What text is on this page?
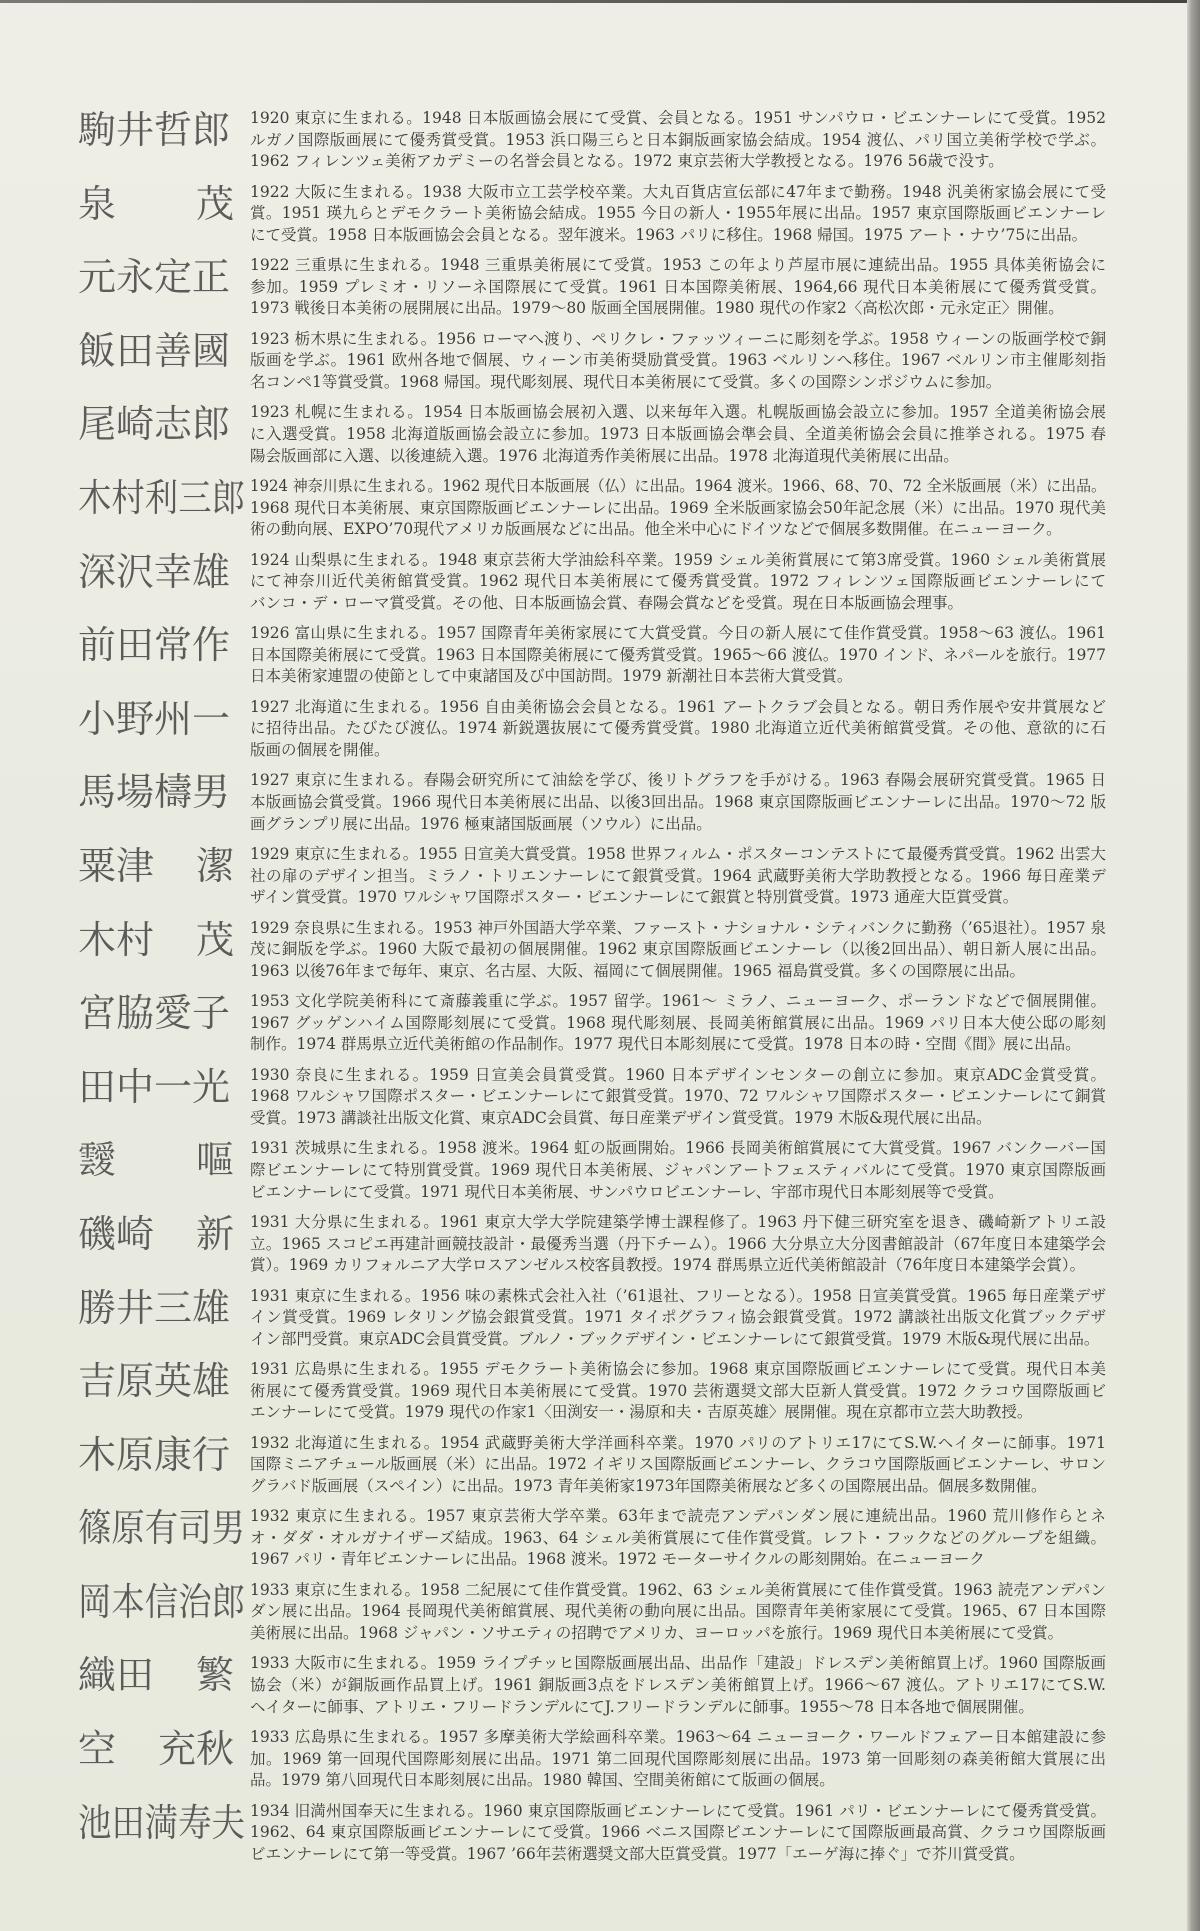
駒井哲郎 1920 東京に生まれる。1948 日本版画協会展にて受賞、会員となる。1951 サンパウロ・ビエンナーレにて受賞。1952
ルガノ国際版画展にて優秀賞受賞。1953 浜口陽三らと日本銅版画家協会結成。1954 渡仏、パリ国立美術学校で学ぶ。
1962 フィレンツェ美術アカデミーの名誉会員となる。1972 東京芸術大学教授となる。1976 56歳で没す。
泉 茂 1922 大阪に生まれる。1938 大阪市立工芸学校卒業。大丸百貨店宣伝部に47年まで勤務。1948 汎美術家協会展にて受
賞。1951 瑛九らとデモクラート美術協会結成。1955 今日の新人・1955年展に出品。1957 東京国際版画ビエンナーレ
にて受賞。1958 日本版画協会会員となる。翌年渡米。1963 パリに移住。1968 帰国。1975 アート・ナウ’75に出品。
元永定正 1922 三重県に生まれる。1948 三重県美術展にて受賞。1953 この年より芦屋市展に連続出品。1955 具体美術協会に
参加。1959 プレミオ・リソーネ国際展にて受賞。1961 日本国際美術展、1964,66 現代日本美術展にて優秀賞受賞。
1973 戦後日本美術の展開展に出品。1979〜80 版画全国展開催。1980 現代の作家2〈高松次郎・元永定正〉開催。
飯田善國 1923 栃木県に生まれる。1956 ローマへ渡り、ペリクレ・ファッツィーニに彫刻を学ぶ。1958 ウィーンの版画学校で銅
版画を学ぶ。1961 欧州各地で個展、ウィーン市美術奨励賞受賞。1963 ベルリンへ移住。1967 ベルリン市主催彫刻指
名コンペ1等賞受賞。1968 帰国。現代彫刻展、現代日本美術展にて受賞。多くの国際シンポジウムに参加。
尾崎志郎 1923 札幌に生まれる。1954 日本版画協会展初入選、以来毎年入選。札幌版画協会設立に参加。1957 全道美術協会展
に入選受賞。1958 北海道版画協会設立に参加。1973 日本版画協会準会員、全道美術協会会員に推挙される。1975 春
陽会版画部に入選、以後連続入選。1976 北海道秀作美術展に出品。1978 北海道現代美術展に出品。
木村利三郎 1924 神奈川県に生まれる。1962 現代日本版画展（仏）に出品。1964 渡米。1966、68、70、72 全米版画展（米）に出品。
1968 現代日本美術展、東京国際版画ビエンナーレに出品。1969 全米版画家協会50年記念展（米）に出品。1970 現代美
術の動向展、EXPO’70現代アメリカ版画展などに出品。他全米中心にドイツなどで個展多数開催。在ニューヨーク。
深沢幸雄 1924 山梨県に生まれる。1948 東京芸術大学油絵科卒業。1959 シェル美術賞展にて第3席受賞。1960 シェル美術賞展
にて神奈川近代美術館賞受賞。1962 現代日本美術展にて優秀賞受賞。1972 フィレンツェ国際版画ビエンナーレにて
バンコ・デ・ローマ賞受賞。その他、日本版画協会賞、春陽会賞などを受賞。現在日本版画協会理事。
前田常作 1926 富山県に生まれる。1957 国際青年美術家展にて大賞受賞。今日の新人展にて佳作賞受賞。1958〜63 渡仏。1961
日本国際美術展にて受賞。1963 日本国際美術展にて優秀賞受賞。1965〜66 渡仏。1970 インド、ネパールを旅行。1977
日本美術家連盟の使節として中東諸国及び中国訪問。1979 新潮社日本芸術大賞受賞。
小野州一 1927 北海道に生まれる。1956 自由美術協会会員となる。1961 アートクラブ会員となる。朝日秀作展や安井賞展など
に招待出品。たびたび渡仏。1974 新鋭選抜展にて優秀賞受賞。1980 北海道立近代美術館賞受賞。その他、意欲的に石
版画の個展を開催。
馬場檮男 1927 東京に生まれる。春陽会研究所にて油絵を学び、後リトグラフを手がける。1963 春陽会展研究賞受賞。1965 日
本版画協会賞受賞。1966 現代日本美術展に出品、以後3回出品。1968 東京国際版画ビエンナーレに出品。1970〜72 版
画グランプリ展に出品。1976 極東諸国版画展（ソウル）に出品。
粟津 潔 1929 東京に生まれる。1955 日宣美大賞受賞。1958 世界フィルム・ポスターコンテストにて最優秀賞受賞。1962 出雲大
社の扉のデザイン担当。ミラノ・トリエンナーレにて銀賞受賞。1964 武蔵野美術大学助教授となる。1966 毎日産業デ
ザイン賞受賞。1970 ワルシャワ国際ポスター・ビエンナーレにて銀賞と特別賞受賞。1973 通産大臣賞受賞。
木村 茂 1929 奈良県に生まれる。1953 神戸外国語大学卒業、ファースト・ナショナル・シティバンクに勤務（’65退社）。1957 泉
茂に銅版を学ぶ。1960 大阪で最初の個展開催。1962 東京国際版画ビエンナーレ（以後2回出品）、朝日新人展に出品。
1963 以後76年まで毎年、東京、名古屋、大阪、福岡にて個展開催。1965 福島賞受賞。多くの国際展に出品。
宮脇愛子 1953 文化学院美術科にて斎藤義重に学ぶ。1957 留学。1961〜 ミラノ、ニューヨーク、ポーランドなどで個展開催。
1967 グッゲンハイム国際彫刻展にて受賞。1968 現代彫刻展、長岡美術館賞展に出品。1969 パリ日本大使公邸の彫刻
制作。1974 群馬県立近代美術館の作品制作。1977 現代日本彫刻展にて受賞。1978 日本の時・空間《間》展に出品。
田中一光 1930 奈良に生まれる。1959 日宣美会員賞受賞。1960 日本デザインセンターの創立に参加。東京ADC金賞受賞。
1968 ワルシャワ国際ポスター・ビエンナーレにて銀賞受賞。1970、72 ワルシャワ国際ポスター・ビエンナーレにて銅賞
受賞。1973 講談社出版文化賞、東京ADC会員賞、毎日産業デザイン賞受賞。1979 木版&現代展に出品。
靉 嘔 1931 茨城県に生まれる。1958 渡米。1964 虹の版画開始。1966 長岡美術館賞展にて大賞受賞。1967 バンクーバー国
際ビエンナーレにて特別賞受賞。1969 現代日本美術展、ジャパンアートフェスティバルにて受賞。1970 東京国際版画
ビエンナーレにて受賞。1971 現代日本美術展、サンパウロビエンナーレ、宇部市現代日本彫刻展等で受賞。
磯崎 新 1931 大分県に生まれる。1961 東京大学大学院建築学博士課程修了。1963 丹下健三研究室を退き、磯崎新アトリエ設
立。1965 スコピエ再建計画競技設計・最優秀当選（丹下チーム）。1966 大分県立大分図書館設計（67年度日本建築学会
賞）。1969 カリフォルニア大学ロスアンゼルス校客員教授。1974 群馬県立近代美術館設計（76年度日本建築学会賞）。
勝井三雄 1931 東京に生まれる。1956 味の素株式会社入社（’61退社、フリーとなる）。1958 日宣美賞受賞。1965 毎日産業デザ
イン賞受賞。1969 レタリング協会銀賞受賞。1971 タイポグラフィ協会銀賞受賞。1972 講談社出版文化賞ブックデザ
イン部門受賞。東京ADC会員賞受賞。ブルノ・ブックデザイン・ビエンナーレにて銀賞受賞。1979 木版&現代展に出品。
吉原英雄 1931 広島県に生まれる。1955 デモクラート美術協会に参加。1968 東京国際版画ビエンナーレにて受賞。現代日本美
術展にて優秀賞受賞。1969 現代日本美術展にて受賞。1970 芸術選奨文部大臣新人賞受賞。1972 クラコウ国際版画ビ
エンナーレにて受賞。1979 現代の作家1〈田渕安一・湯原和夫・吉原英雄〉展開催。現在京都市立芸大助教授。
木原康行 1932 北海道に生まれる。1954 武蔵野美術大学洋画科卒業。1970 パリのアトリエ17にてS.W.ヘイターに師事。1971
国際ミニアチュール版画展（米）に出品。1972 イギリス国際版画ビエンナーレ、クラコウ国際版画ビエンナーレ、サロン
グラバド版画展（スペイン）に出品。1973 青年美術家1973年国際美術展など多くの国際展出品。個展多数開催。
篠原有司男 1932 東京に生まれる。1957 東京芸術大学卒業。63年まで読売アンデパンダン展に連続出品。1960 荒川修作らとネ
オ・ダダ・オルガナイザーズ結成。1963、64 シェル美術賞展にて佳作賞受賞。レフト・フックなどのグループを組織。
1967 パリ・青年ビエンナーレに出品。1968 渡米。1972 モーターサイクルの彫刻開始。在ニューヨーク
岡本信治郎 1933 東京に生まれる。1958 二紀展にて佳作賞受賞。1962、63 シェル美術賞展にて佳作賞受賞。1963 読売アンデパン
ダン展に出品。1964 長岡現代美術館賞展、現代美術の動向展に出品。国際青年美術家展にて受賞。1965、67 日本国際
美術展に出品。1968 ジャパン・ソサエティの招聘でアメリカ、ヨーロッパを旅行。1969 現代日本美術展にて受賞。
織田 繁 1933 大阪市に生まれる。1959 ライプチッヒ国際版画展出品、出品作「建設」ドレスデン美術館買上げ。1960 国際版画
協会（米）が銅版画作品買上げ。1961 銅版画3点をドレスデン美術館買上げ。1966〜67 渡仏。アトリエ17にてS.W.
ヘイターに師事、アトリエ・フリードランデルにてJ.フリードランデルに師事。1955〜78 日本各地で個展開催。
空 充秋 1933 広島県に生まれる。1957 多摩美術大学絵画科卒業。1963〜64 ニューヨーク・ワールドフェアー日本館建設に参
加。1969 第一回現代国際彫刻展に出品。1971 第二回現代国際彫刻展に出品。1973 第一回彫刻の森美術館大賞展に出
品。1979 第八回現代日本彫刻展に出品。1980 韓国、空間美術館にて版画の個展。
池田満寿夫 1934 旧満州国奉天に生まれる。1960 東京国際版画ビエンナーレにて受賞。1961 パリ・ビエンナーレにて優秀賞受賞。
1962、64 東京国際版画ビエンナーレにて受賞。1966 ベニス国際ビエンナーレにて国際版画最高賞、クラコウ国際版画
ビエンナーレにて第一等受賞。1967 ’66年芸術選奨文部大臣賞受賞。1977「エーゲ海に捧ぐ」で芥川賞受賞。
